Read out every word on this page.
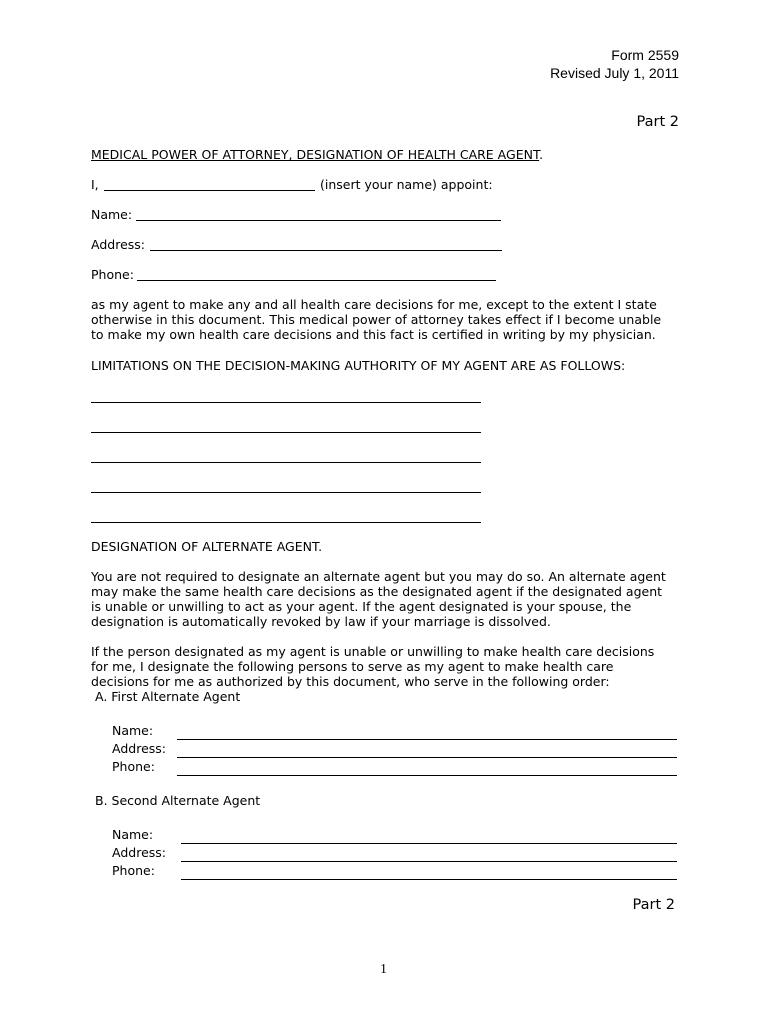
Form 2559
Revised July 1, 2011
Part 2
MEDICAL POWER OF ATTORNEY, DESIGNATION OF HEALTH CARE AGENT.
I,	(insert your name) appoint:
Name:
Address:
Phone:
as my agent to make any and all health care decisions for me, except to the extent I state
otherwise in this document. This medical power of attorney takes effect if I become unable
to make my own health care decisions and this fact is certified in writing by my physician.
LIMITATIONS ON THE DECISION-MAKING AUTHORITY OF MY AGENT ARE AS FOLLOWS:
DESIGNATION OF ALTERNATE AGENT.
You are not required to designate an alternate agent but you may do so. An alternate agent
may make the same health care decisions as the designated agent if the designated agent
is unable or unwilling to act as your agent. If the agent designated is your spouse, the
designation is automatically revoked by law if your marriage is dissolved.
If the person designated as my agent is unable or unwilling to make health care decisions
for me, I designate the following persons to serve as my agent to make health care
decisions for me as authorized by this document, who serve in the following order:
A. First Alternate Agent
Name:
Address:
Phone:
B. Second Alternate Agent
Name:
Address:
Phone:
Part 2
1
